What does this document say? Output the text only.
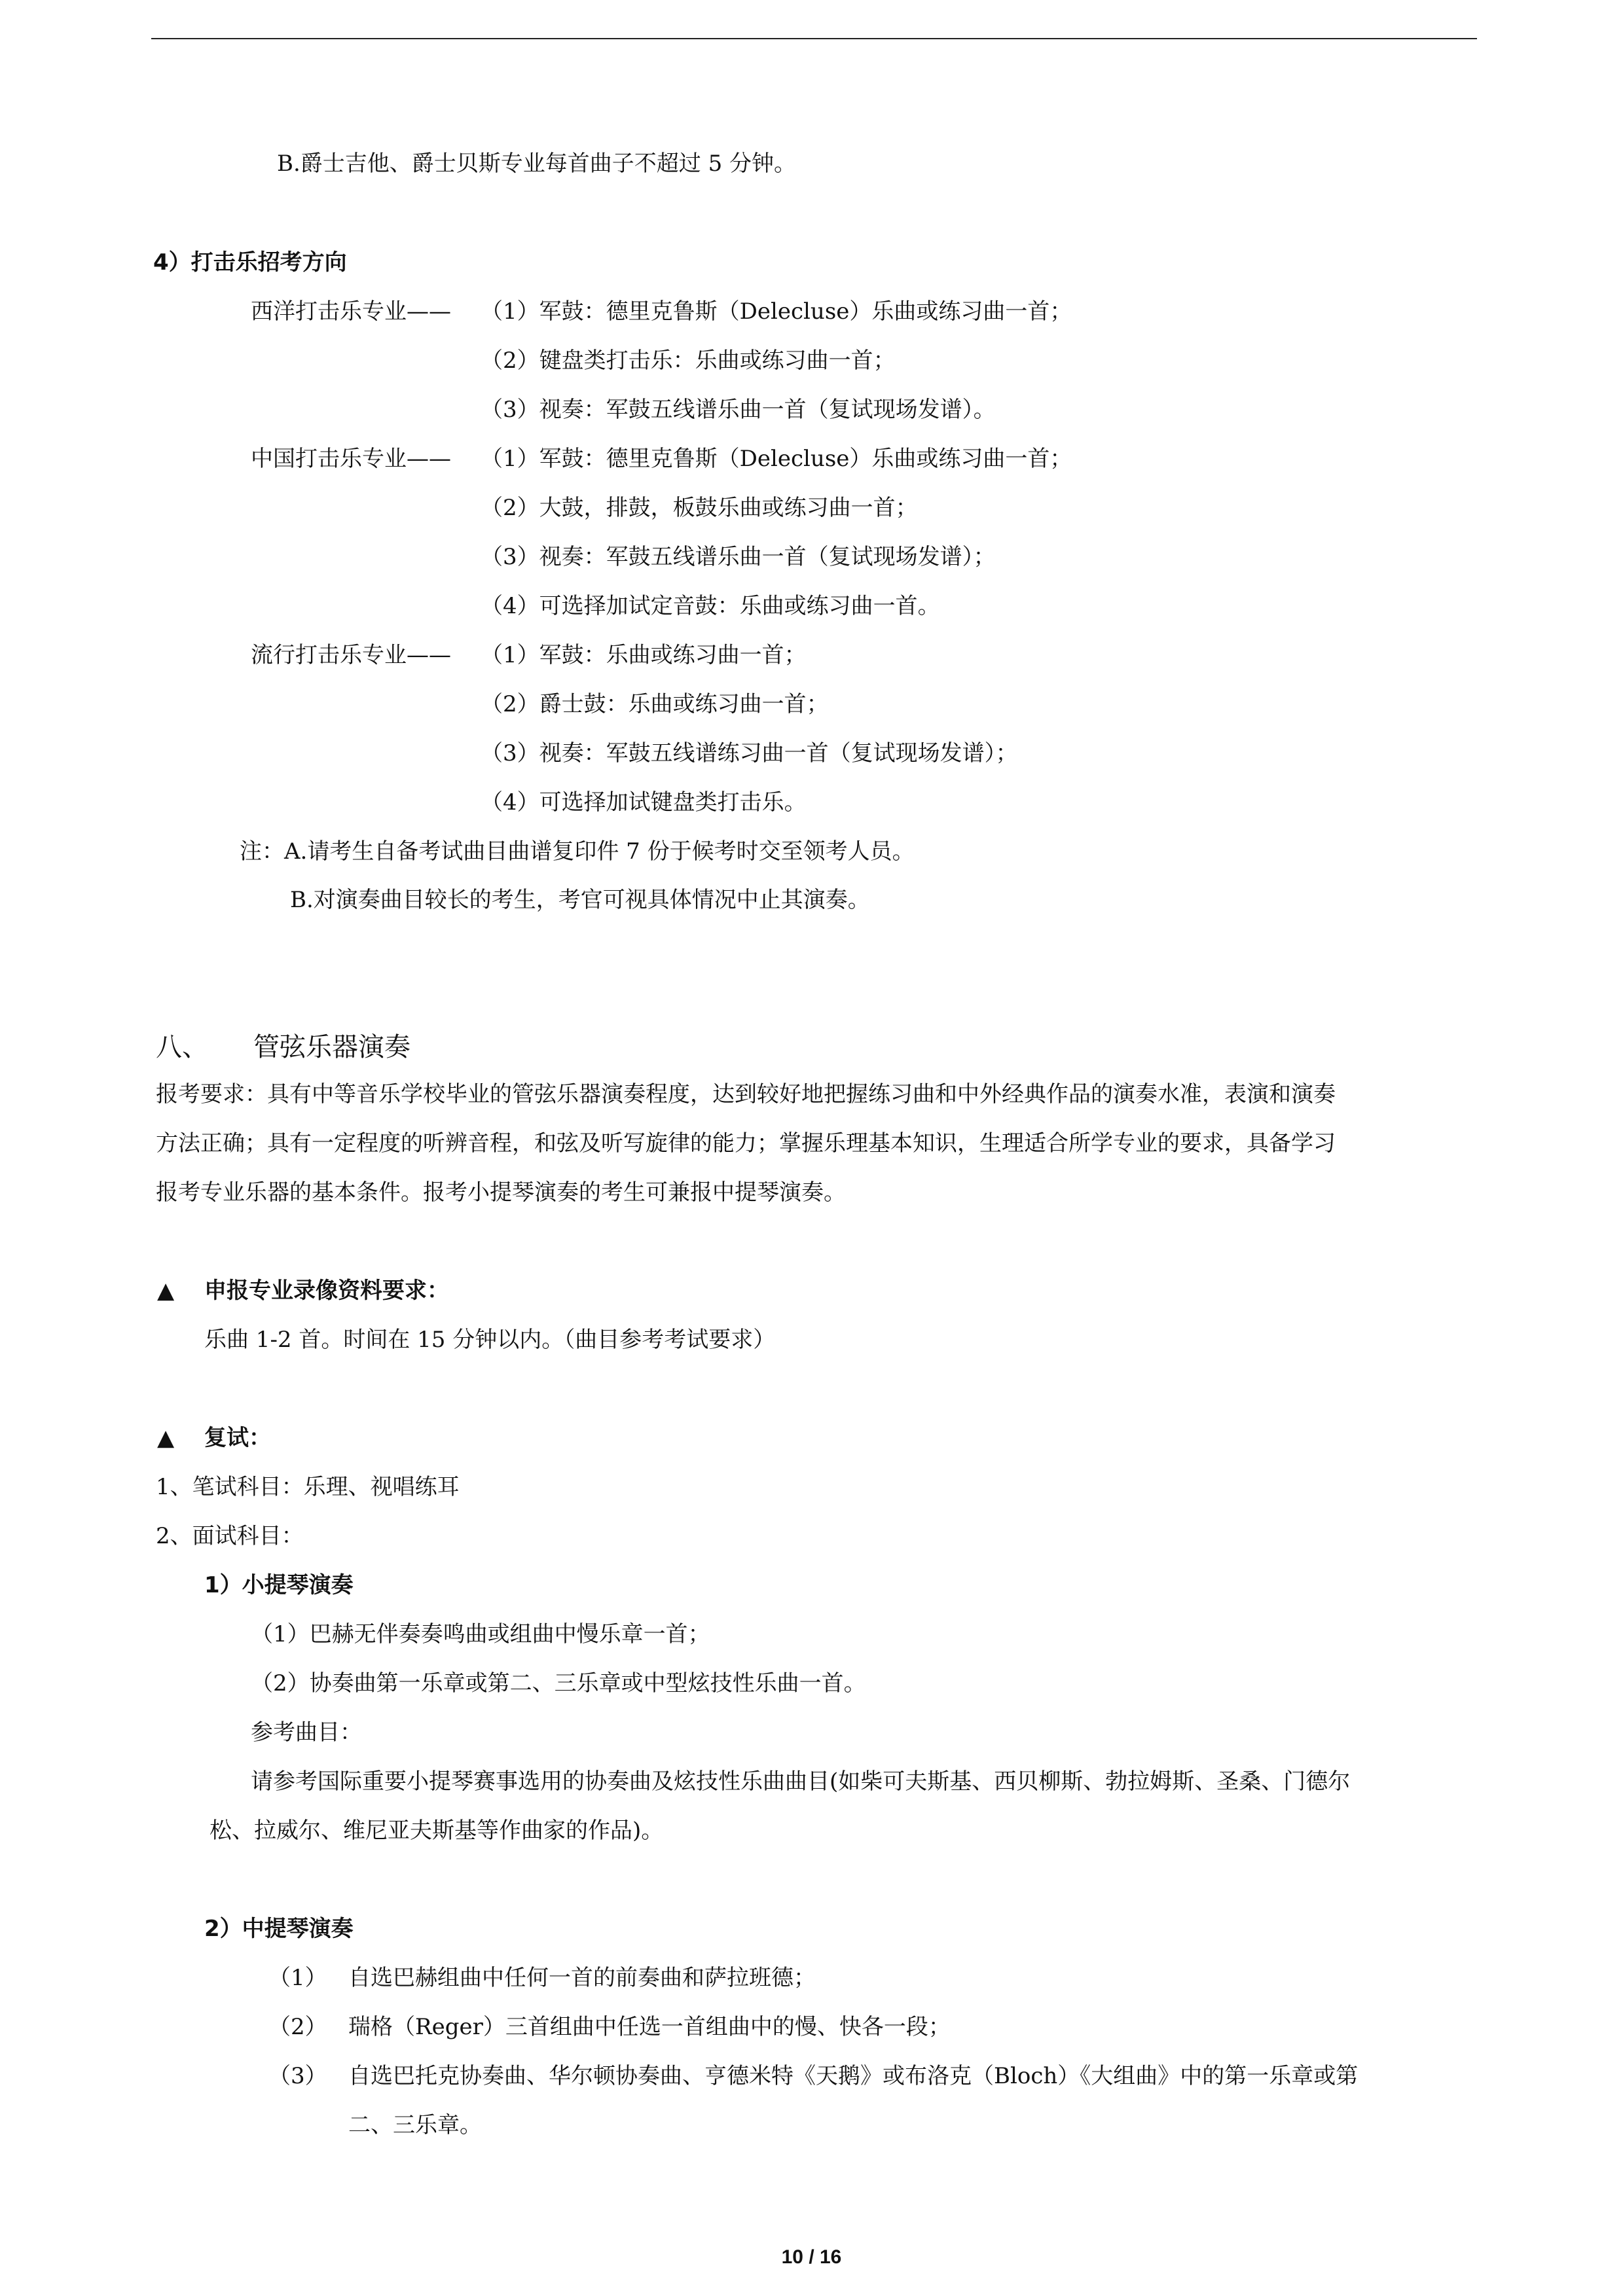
B.爵士吉他、爵士贝斯专业每首曲子不超过 5 分钟。
4）打击乐招考方向
西洋打击乐专业—— （1）军鼓：德里克鲁斯（Delecluse）乐曲或练习曲一首；
（2）键盘类打击乐：乐曲或练习曲一首；
（3）视奏：军鼓五线谱乐曲一首（复试现场发谱）。
中国打击乐专业—— （1）军鼓：德里克鲁斯（Delecluse）乐曲或练习曲一首；
（2）大鼓，排鼓，板鼓乐曲或练习曲一首；
（3）视奏：军鼓五线谱乐曲一首（复试现场发谱）；
（4）可选择加试定音鼓：乐曲或练习曲一首。
流行打击乐专业—— （1）军鼓：乐曲或练习曲一首；
（2）爵士鼓：乐曲或练习曲一首；
（3）视奏：军鼓五线谱练习曲一首（复试现场发谱）；
（4）可选择加试键盘类打击乐。
注：A.请考生自备考试曲目曲谱复印件 7 份于候考时交至领考人员。
B.对演奏曲目较长的考生，考官可视具体情况中止其演奏。
八、 管弦乐器演奏
报考要求：具有中等音乐学校毕业的管弦乐器演奏程度，达到较好地把握练习曲和中外经典作品的演奏水准，表演和演奏
方法正确；具有一定程度的听辨音程，和弦及听写旋律的能力；掌握乐理基本知识，生理适合所学专业的要求，具备学习
报考专业乐器的基本条件。报考小提琴演奏的考生可兼报中提琴演奏。
▲ 申报专业录像资料要求：
乐曲 1-2 首。时间在 15 分钟以内。（曲目参考考试要求）
▲ 复试：
1、笔试科目：乐理、视唱练耳
2、面试科目：
1）小提琴演奏
（1）巴赫无伴奏奏鸣曲或组曲中慢乐章一首；
（2）协奏曲第一乐章或第二、三乐章或中型炫技性乐曲一首。
参考曲目：
请参考国际重要小提琴赛事选用的协奏曲及炫技性乐曲曲目(如柴可夫斯基、西贝柳斯、勃拉姆斯、圣桑、门德尔
松、拉威尔、维尼亚夫斯基等作曲家的作品)。
2）中提琴演奏
（1） 自选巴赫组曲中任何一首的前奏曲和萨拉班德；
（2） 瑞格（Reger）三首组曲中任选一首组曲中的慢、快各一段；
（3） 自选巴托克协奏曲、华尔顿协奏曲、亨德米特《天鹅》或布洛克（Bloch）《大组曲》中的第一乐章或第
二、三乐章。
10 / 16
